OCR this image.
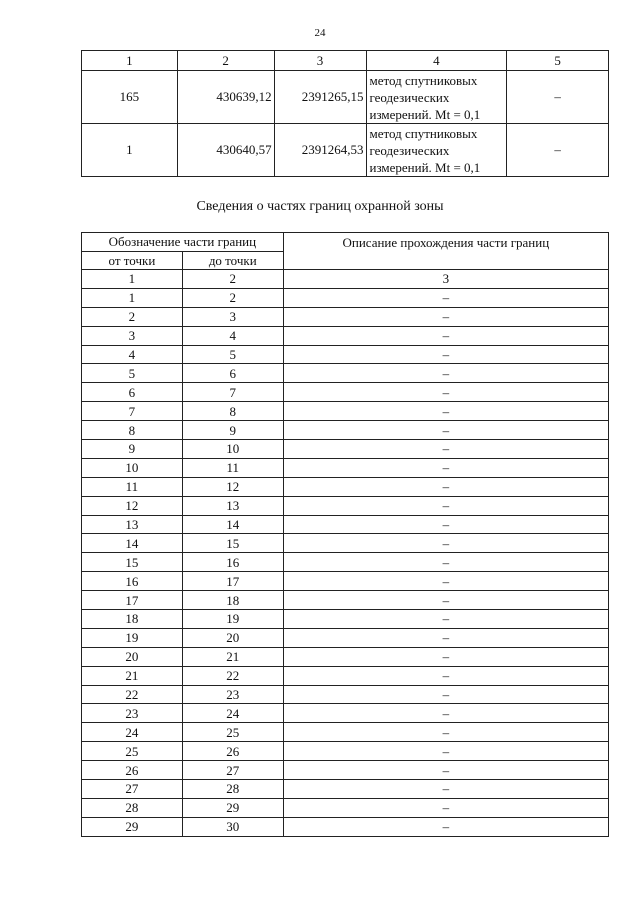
24
1	2	3	4	5
165	430639,12	2391265,15	метод спутниковых
геодезических
измерений. Mt = 0,1	–
1	430640,57	2391264,53	метод спутниковых
геодезических
измерений. Mt = 0,1	–
Сведения о частях границ охранной зоны
Обозначение части границ		Описание прохождения части границ
от точки	до точки	
1	2	3
1	2	–
2	3	–
3	4	–
4	5	–
5	6	–
6	7	–
7	8	–
8	9	–
9	10	–
10	11	–
11	12	–
12	13	–
13	14	–
14	15	–
15	16	–
16	17	–
17	18	–
18	19	–
19	20	–
20	21	–
21	22	–
22	23	–
23	24	–
24	25	–
25	26	–
26	27	–
27	28	–
28	29	–
29	30	–
